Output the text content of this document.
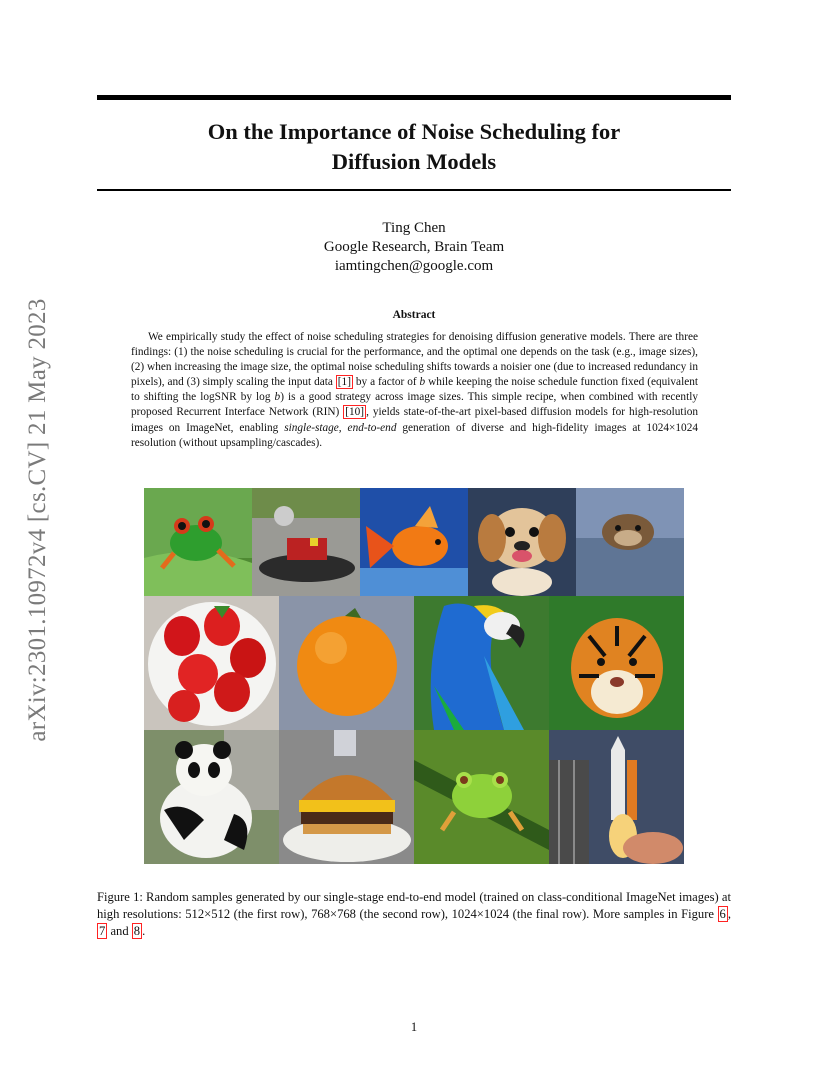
arXiv:2301.10972v4 [cs.CV] 21 May 2023
On the Importance of Noise Scheduling for
Diffusion Models
Ting Chen
Google Research, Brain Team
iamtingchen@google.com
Abstract

We empirically study the effect of noise scheduling strategies for denoising diffusion generative models. There are three findings: (1) the noise scheduling is crucial for the performance, and the optimal one depends on the task (e.g., image sizes), (2) when increasing the image size, the optimal noise scheduling shifts towards a noisier one (due to increased redundancy in pixels), and (3) simply scaling the input data [1] by a factor of b while keeping the noise schedule function fixed (equivalent to shifting the logSNR by log b) is a good strategy across image sizes. This simple recipe, when combined with recently proposed Recurrent Interface Network (RIN) [10] , yields state-of-the-art pixel-based diffusion models for high-resolution images on ImageNet, enabling single-stage, end-to-end generation of diverse and high-fidelity images at 1024×1024 resolution (without upsampling/cascades).

Figure 1: Random samples generated by our single-stage end-to-end model (trained on class-conditional ImageNet images) at high resolutions: 512×512 (the first row), 768×768 (the second row), 1024×1024 (the final row). More samples in Figure 6 , 7 and 8 .
1
